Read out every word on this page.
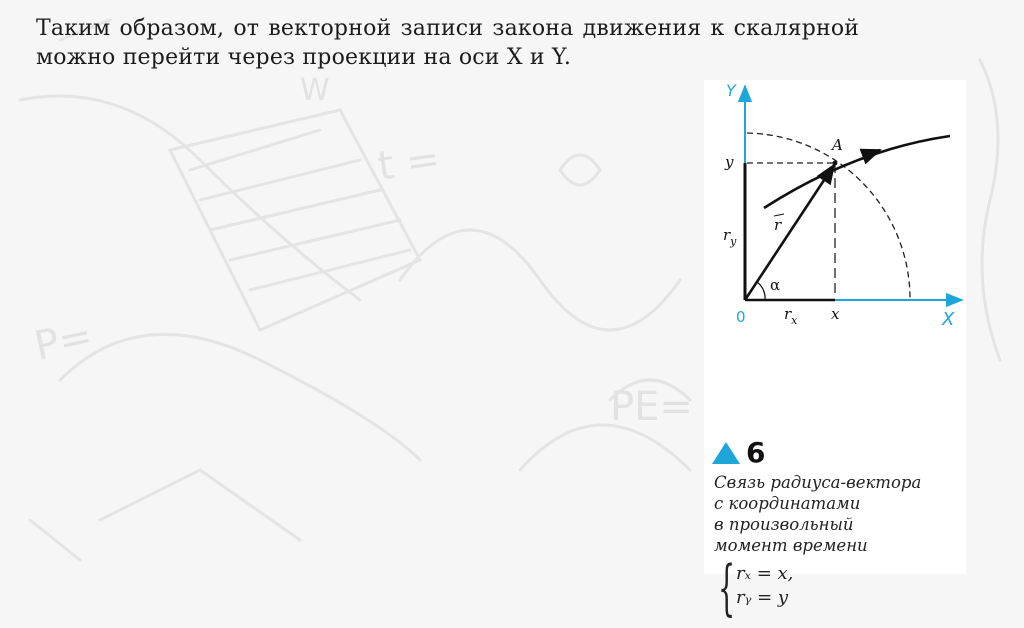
P=
t =
PE=
W

Таким образом, от векторной записи закона движения к скалярной
можно перейти через проекции на оси X и Y.

Y
X
0
A
y
x
r
$r_y$
$r_x$
α
6
Связь радиуса-вектора
с координатами
в произвольный
момент времени
{ rₓ = x,
rᵧ = y
